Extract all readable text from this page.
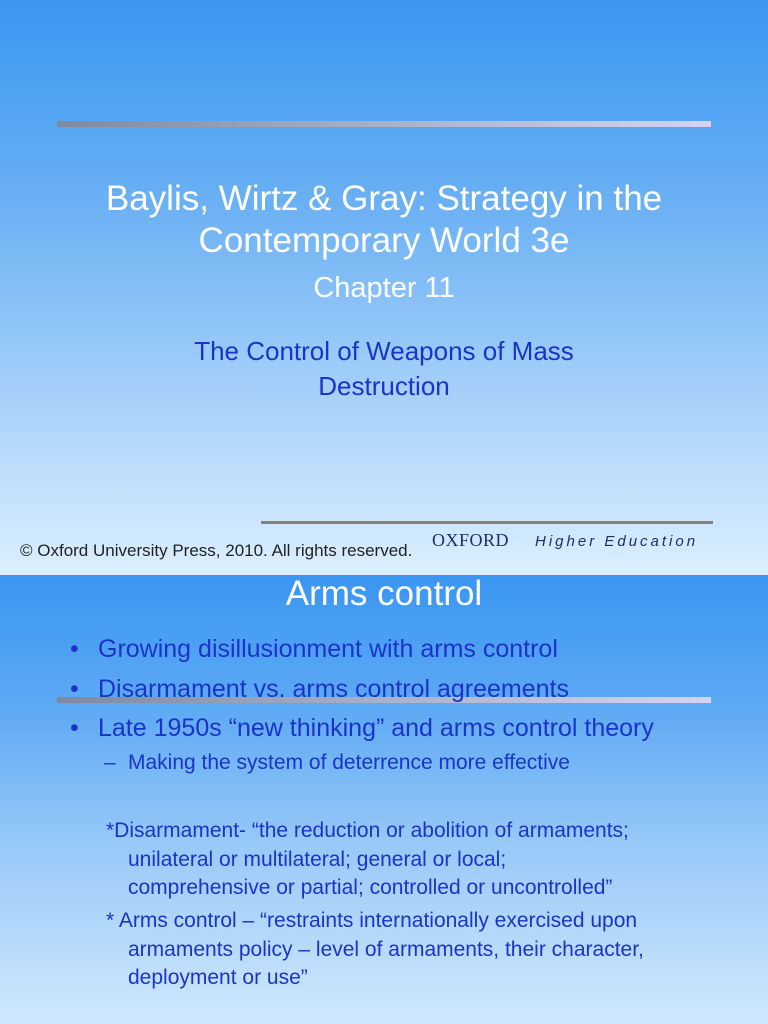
Baylis, Wirtz & Gray: Strategy in the
Contemporary World 3e
Chapter 11
The Control of Weapons of Mass
Destruction
© Oxford University Press, 2010. All rights reserved.
OXFORD Higher Education
Arms control
• Growing disillusionment with arms control
• Disarmament vs. arms control agreements
• Late 1950s “new thinking” and arms control theory
– Making the system of deterrence more effective
*Disarmament- “the reduction or abolition of armaments;
unilateral or multilateral; general or local;
comprehensive or partial; controlled or uncontrolled”
* Arms control – “restraints internationally exercised upon
armaments policy – level of armaments, their character,
deployment or use”
